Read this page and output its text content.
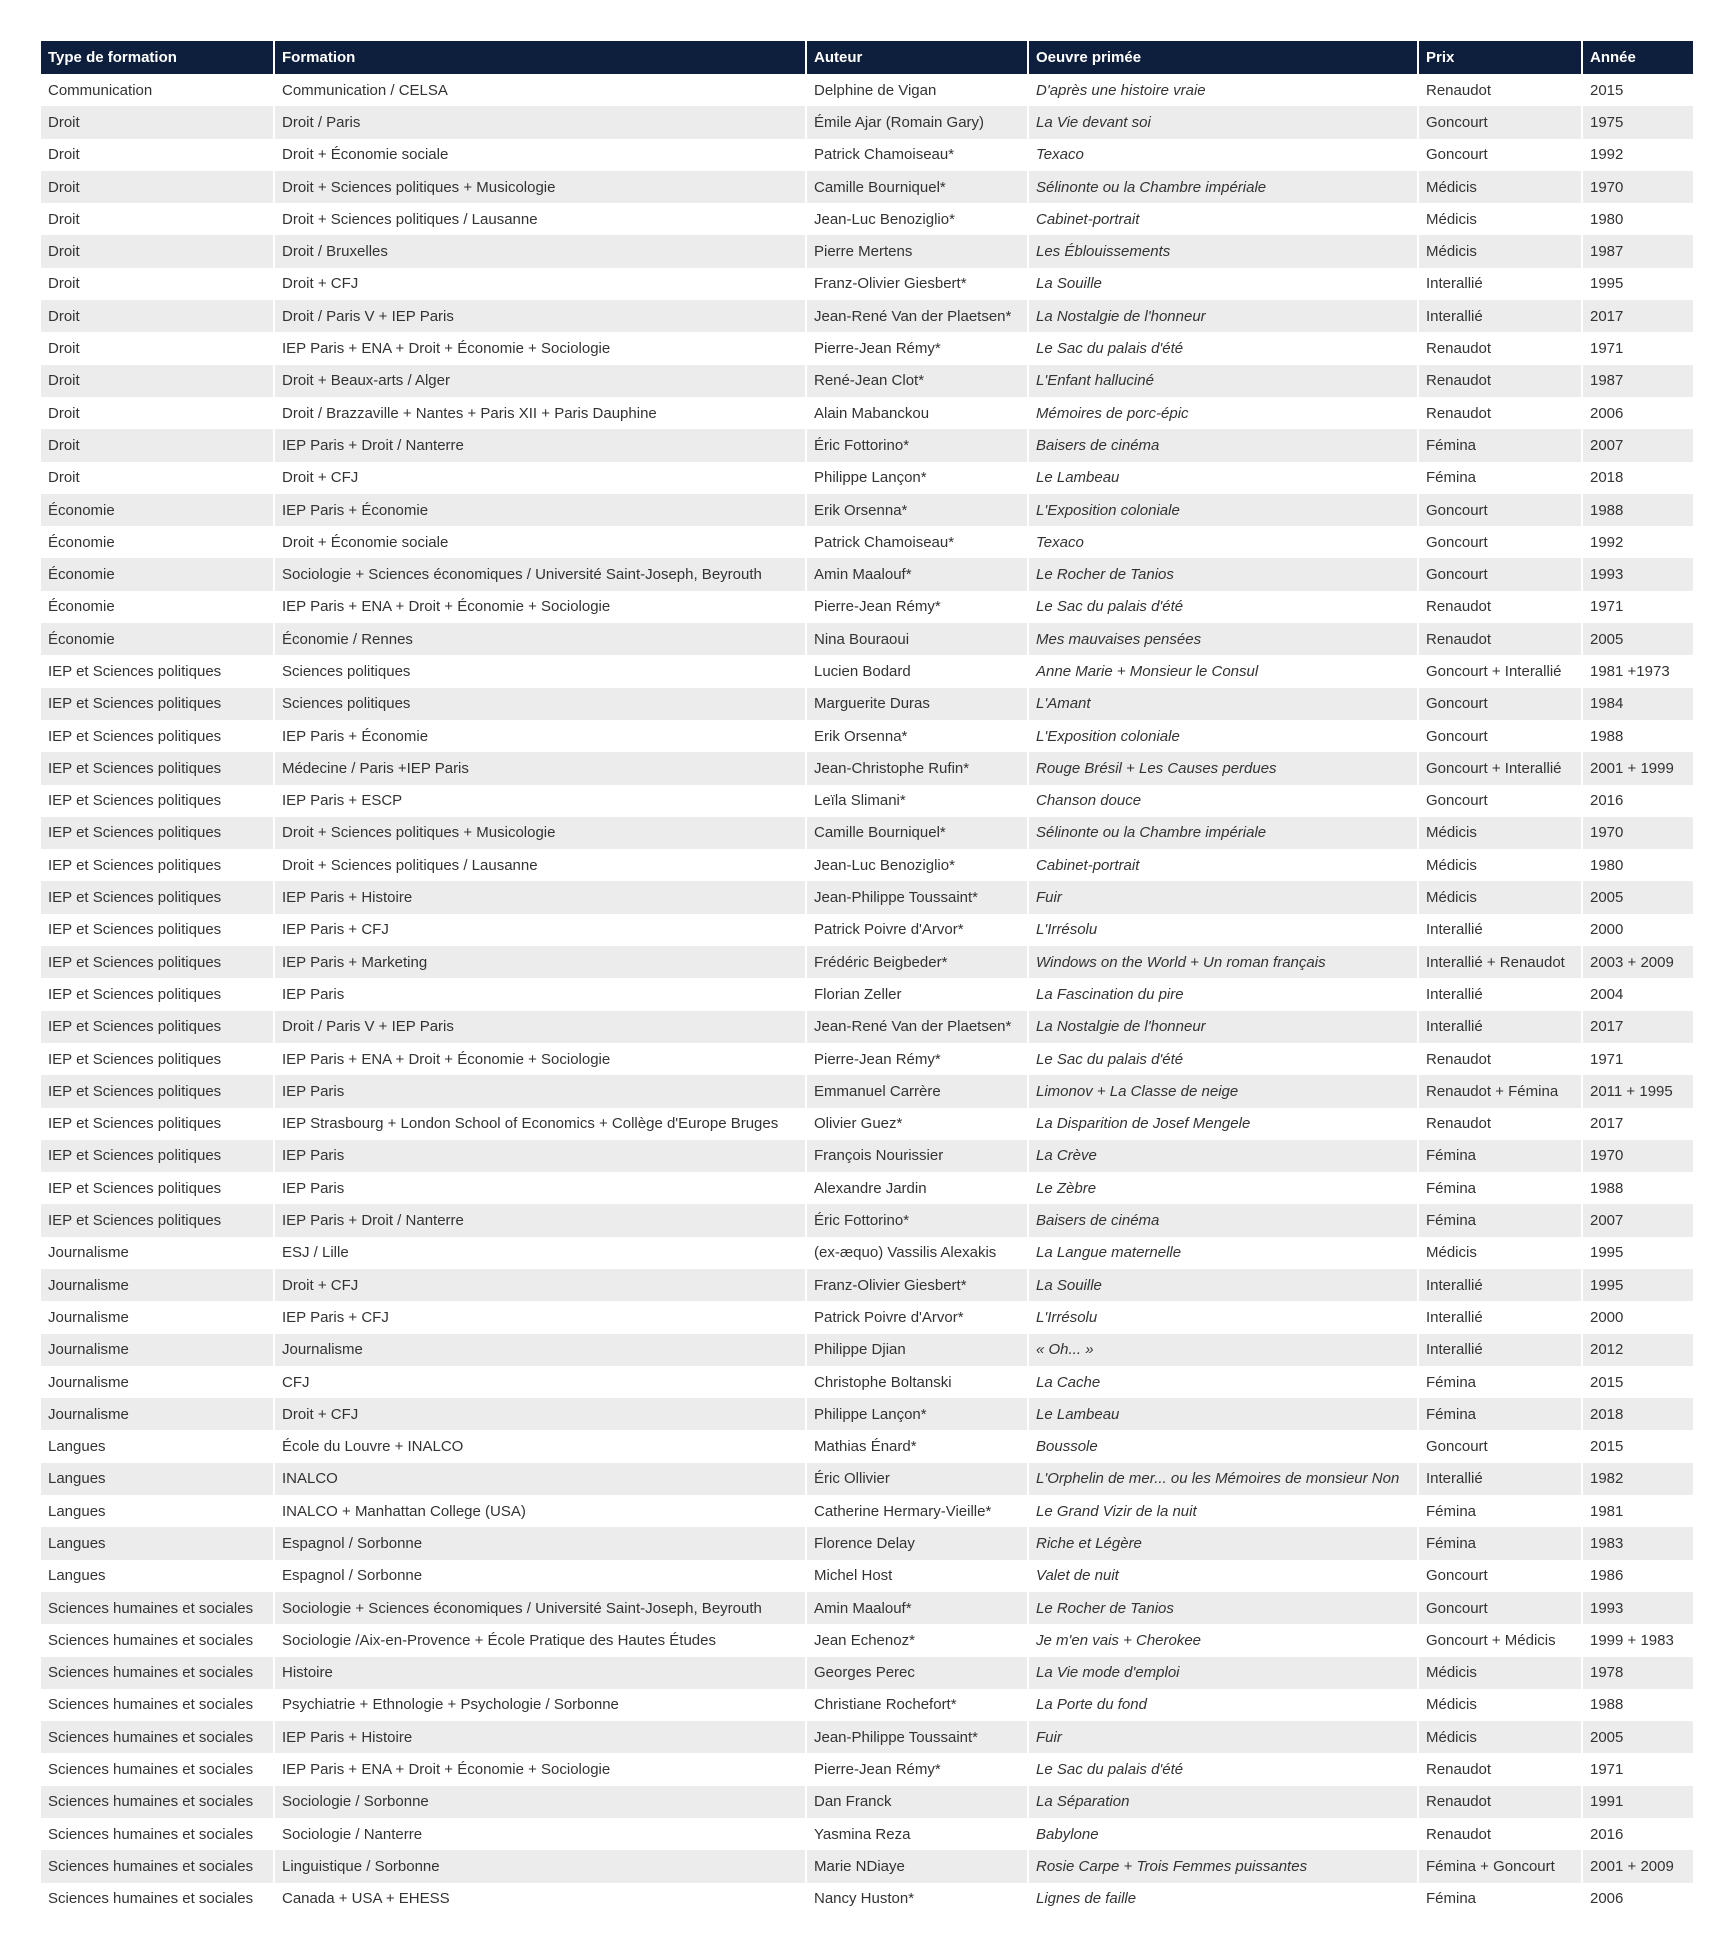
Type de formation	Formation	Auteur	Oeuvre primée	Prix	Année
Communication	Communication / CELSA	Delphine de Vigan	D'après une histoire vraie	Renaudot	2015
Droit	Droit / Paris	Émile Ajar (Romain Gary)	La Vie devant soi	Goncourt	1975
Droit	Droit + Économie sociale	Patrick Chamoiseau*	Texaco	Goncourt	1992
Droit	Droit + Sciences politiques + Musicologie	Camille Bourniquel*	Sélinonte ou la Chambre impériale	Médicis	1970
Droit	Droit + Sciences politiques / Lausanne	Jean-Luc Benoziglio*	Cabinet-portrait	Médicis	1980
Droit	Droit / Bruxelles	Pierre Mertens	Les Éblouissements	Médicis	1987
Droit	Droit + CFJ	Franz-Olivier Giesbert*	La Souille	Interallié	1995
Droit	Droit / Paris V + IEP Paris	Jean-René Van der Plaetsen*	La Nostalgie de l'honneur	Interallié	2017
Droit	IEP Paris + ENA + Droit + Économie + Sociologie	Pierre-Jean Rémy*	Le Sac du palais d'été	Renaudot	1971
Droit	Droit + Beaux-arts / Alger	René-Jean Clot*	L'Enfant halluciné	Renaudot	1987
Droit	Droit / Brazzaville + Nantes + Paris XII + Paris Dauphine	Alain Mabanckou	Mémoires de porc-épic	Renaudot	2006
Droit	IEP Paris + Droit / Nanterre	Éric Fottorino*	Baisers de cinéma	Fémina	2007
Droit	Droit + CFJ	Philippe Lançon*	Le Lambeau	Fémina	2018
Économie	IEP Paris + Économie	Erik Orsenna*	L'Exposition coloniale	Goncourt	1988
Économie	Droit + Économie sociale	Patrick Chamoiseau*	Texaco	Goncourt	1992
Économie	Sociologie + Sciences économiques / Université Saint-Joseph, Beyrouth	Amin Maalouf*	Le Rocher de Tanios	Goncourt	1993
Économie	IEP Paris + ENA + Droit + Économie + Sociologie	Pierre-Jean Rémy*	Le Sac du palais d'été	Renaudot	1971
Économie	Économie / Rennes	Nina Bouraoui	Mes mauvaises pensées	Renaudot	2005
IEP et Sciences politiques	Sciences politiques	Lucien Bodard	Anne Marie + Monsieur le Consul	Goncourt + Interallié	1981 +1973
IEP et Sciences politiques	Sciences politiques	Marguerite Duras	L'Amant	Goncourt	1984
IEP et Sciences politiques	IEP Paris + Économie	Erik Orsenna*	L'Exposition coloniale	Goncourt	1988
IEP et Sciences politiques	Médecine / Paris +IEP Paris	Jean-Christophe Rufin*	Rouge Brésil + Les Causes perdues	Goncourt + Interallié	2001 + 1999
IEP et Sciences politiques	IEP Paris + ESCP	Leïla Slimani*	Chanson douce	Goncourt	2016
IEP et Sciences politiques	Droit + Sciences politiques + Musicologie	Camille Bourniquel*	Sélinonte ou la Chambre impériale	Médicis	1970
IEP et Sciences politiques	Droit + Sciences politiques / Lausanne	Jean-Luc Benoziglio*	Cabinet-portrait	Médicis	1980
IEP et Sciences politiques	IEP Paris + Histoire	Jean-Philippe Toussaint*	Fuir	Médicis	2005
IEP et Sciences politiques	IEP Paris + CFJ	Patrick Poivre d'Arvor*	L'Irrésolu	Interallié	2000
IEP et Sciences politiques	IEP Paris + Marketing	Frédéric Beigbeder*	Windows on the World + Un roman français	Interallié + Renaudot	2003 + 2009
IEP et Sciences politiques	IEP Paris	Florian Zeller	La Fascination du pire	Interallié	2004
IEP et Sciences politiques	Droit / Paris V + IEP Paris	Jean-René Van der Plaetsen*	La Nostalgie de l'honneur	Interallié	2017
IEP et Sciences politiques	IEP Paris + ENA + Droit + Économie + Sociologie	Pierre-Jean Rémy*	Le Sac du palais d'été	Renaudot	1971
IEP et Sciences politiques	IEP Paris	Emmanuel Carrère	Limonov + La Classe de neige	Renaudot + Fémina	2011 + 1995
IEP et Sciences politiques	IEP Strasbourg + London School of Economics + Collège d'Europe Bruges	Olivier Guez*	La Disparition de Josef Mengele	Renaudot	2017
IEP et Sciences politiques	IEP Paris	François Nourissier	La Crève	Fémina	1970
IEP et Sciences politiques	IEP Paris	Alexandre Jardin	Le Zèbre	Fémina	1988
IEP et Sciences politiques	IEP Paris + Droit / Nanterre	Éric Fottorino*	Baisers de cinéma	Fémina	2007
Journalisme	ESJ / Lille	(ex-æquo) Vassilis Alexakis	La Langue maternelle	Médicis	1995
Journalisme	Droit + CFJ	Franz-Olivier Giesbert*	La Souille	Interallié	1995
Journalisme	IEP Paris + CFJ	Patrick Poivre d'Arvor*	L'Irrésolu	Interallié	2000
Journalisme	Journalisme	Philippe Djian	« Oh... »	Interallié	2012
Journalisme	CFJ	Christophe Boltanski	La Cache	Fémina	2015
Journalisme	Droit + CFJ	Philippe Lançon*	Le Lambeau	Fémina	2018
Langues	École du Louvre + INALCO	Mathias Énard*	Boussole	Goncourt	2015
Langues	INALCO	Éric Ollivier	L'Orphelin de mer... ou les Mémoires de monsieur Non	Interallié	1982
Langues	INALCO + Manhattan College (USA)	Catherine Hermary-Vieille*	Le Grand Vizir de la nuit	Fémina	1981
Langues	Espagnol / Sorbonne	Florence Delay	Riche et Légère	Fémina	1983
Langues	Espagnol / Sorbonne	Michel Host	Valet de nuit	Goncourt	1986
Sciences humaines et sociales	Sociologie + Sciences économiques / Université Saint-Joseph, Beyrouth	Amin Maalouf*	Le Rocher de Tanios	Goncourt	1993
Sciences humaines et sociales	Sociologie /Aix-en-Provence + École Pratique des Hautes Études	Jean Echenoz*	Je m'en vais + Cherokee	Goncourt + Médicis	1999 + 1983
Sciences humaines et sociales	Histoire	Georges Perec	La Vie mode d'emploi	Médicis	1978
Sciences humaines et sociales	Psychiatrie + Ethnologie + Psychologie / Sorbonne	Christiane Rochefort*	La Porte du fond	Médicis	1988
Sciences humaines et sociales	IEP Paris + Histoire	Jean-Philippe Toussaint*	Fuir	Médicis	2005
Sciences humaines et sociales	IEP Paris + ENA + Droit + Économie + Sociologie	Pierre-Jean Rémy*	Le Sac du palais d'été	Renaudot	1971
Sciences humaines et sociales	Sociologie / Sorbonne	Dan Franck	La Séparation	Renaudot	1991
Sciences humaines et sociales	Sociologie / Nanterre	Yasmina Reza	Babylone	Renaudot	2016
Sciences humaines et sociales	Linguistique / Sorbonne	Marie NDiaye	Rosie Carpe + Trois Femmes puissantes	Fémina + Goncourt	2001 + 2009
Sciences humaines et sociales	Canada + USA + EHESS	Nancy Huston*	Lignes de faille	Fémina	2006
